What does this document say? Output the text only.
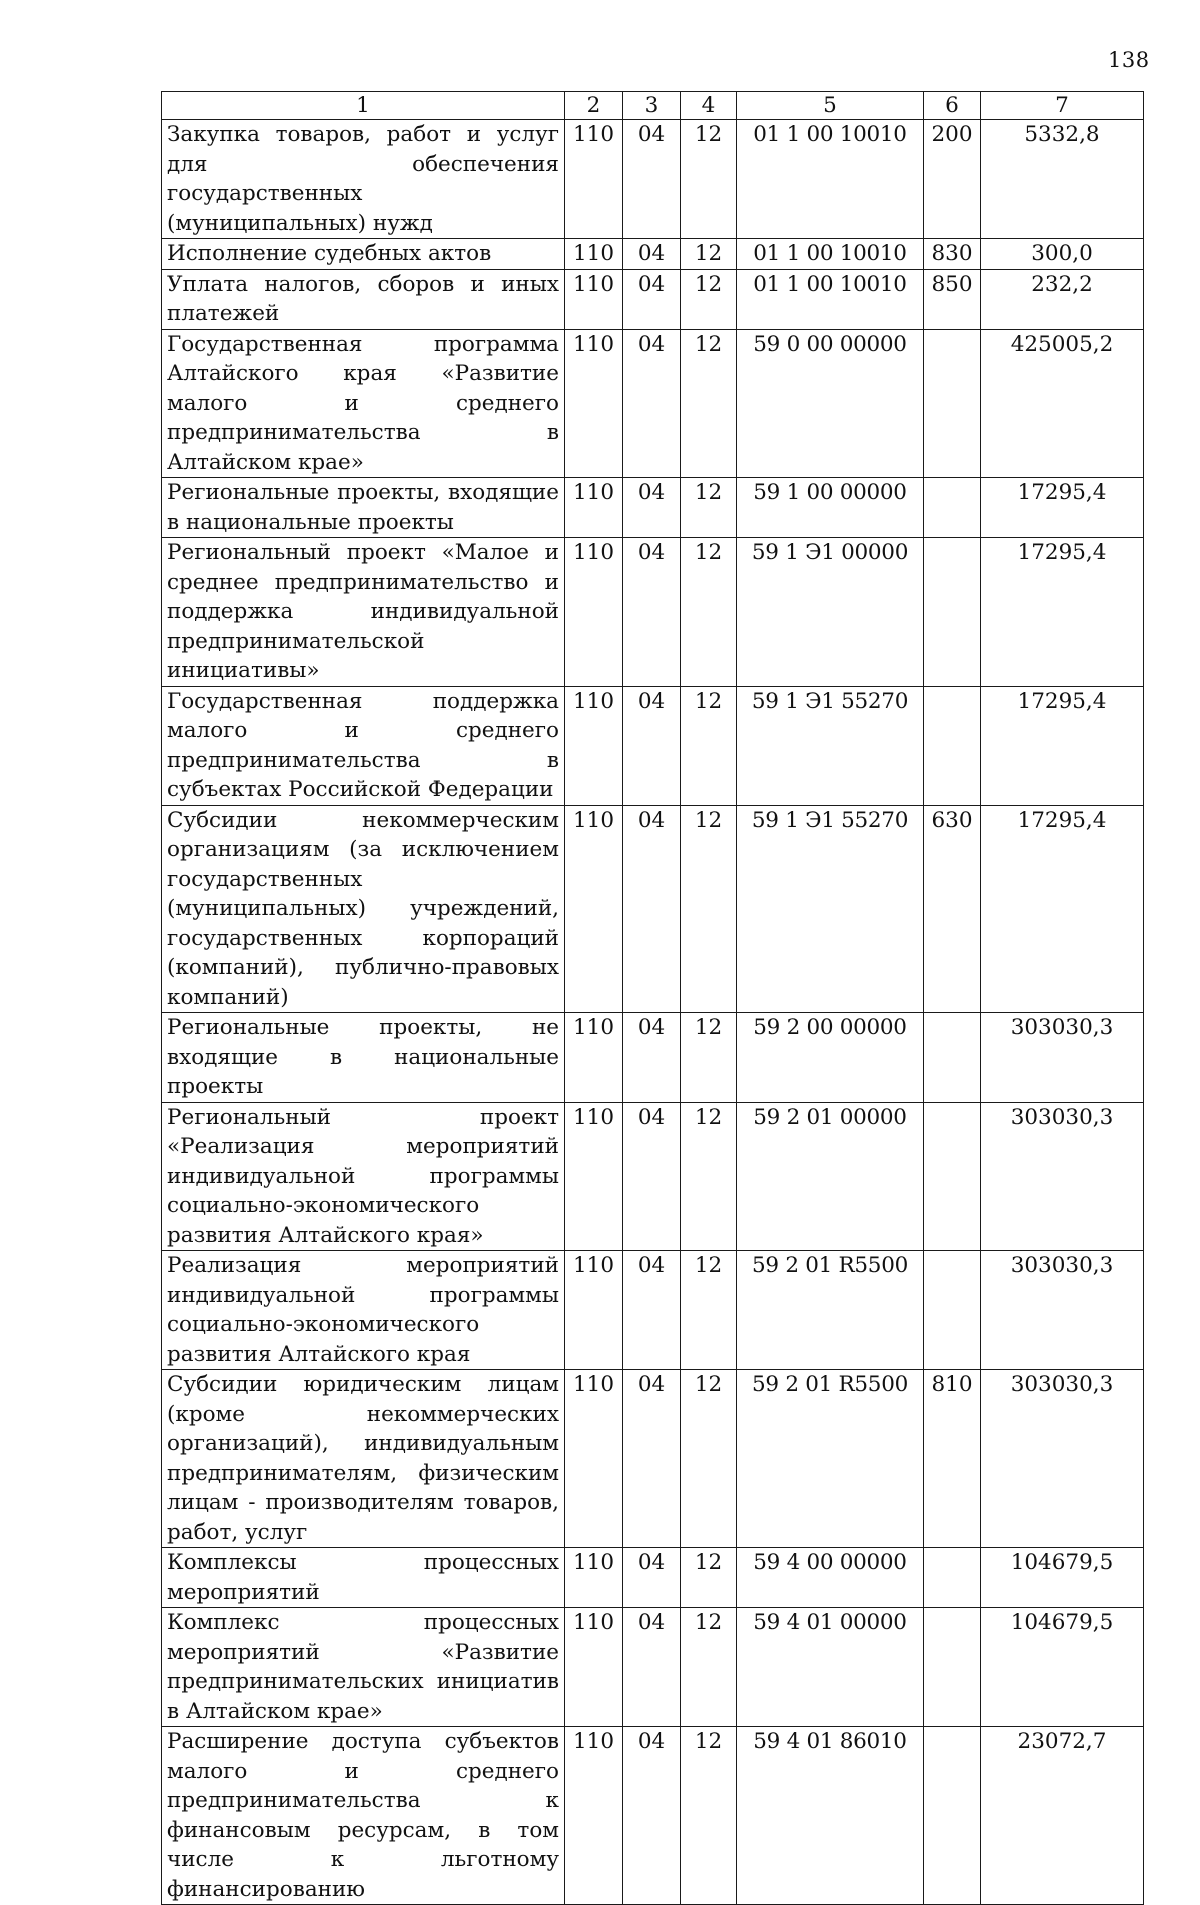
138
1	2	3	4	5	6	7
Закупка товаров, работ и услуг для обеспечения государственных (муниципальных) нужд	110	04	12	01 1 00 10010	200	5332,8
Исполнение судебных актов	110	04	12	01 1 00 10010	830	300,0
Уплата налогов, сборов и иных платежей	110	04	12	01 1 00 10010	850	232,2
Государственная программа Алтайского края «Развитие малого и среднего предпринимательства в Алтайском крае»	110	04	12	59 0 00 00000		425005,2
Региональные проекты, входящие в национальные проекты	110	04	12	59 1 00 00000		17295,4
Региональный проект «Малое и среднее предпринимательство и поддержка индивидуальной предпринимательской инициативы»	110	04	12	59 1 Э1 00000		17295,4
Государственная поддержка малого и среднего предпринимательства в субъектах Российской Федерации	110	04	12	59 1 Э1 55270		17295,4
Субсидии некоммерческим организациям (за исключением государственных (муниципальных) учреждений, государственных корпораций (компаний), публично-правовых компаний)	110	04	12	59 1 Э1 55270	630	17295,4
Региональные проекты, не входящие в национальные проекты	110	04	12	59 2 00 00000		303030,3
Региональный проект «Реализация мероприятий индивидуальной программы социально-экономического развития Алтайского края»	110	04	12	59 2 01 00000		303030,3
Реализация мероприятий индивидуальной программы социально-экономического развития Алтайского края	110	04	12	59 2 01 R5500		303030,3
Субсидии юридическим лицам (кроме некоммерческих организаций), индивидуальным предпринимателям, физическим лицам - производителям товаров, работ, услуг	110	04	12	59 2 01 R5500	810	303030,3
Комплексы процессных мероприятий	110	04	12	59 4 00 00000		104679,5
Комплекс процессных мероприятий «Развитие предпринимательских инициатив в Алтайском крае»	110	04	12	59 4 01 00000		104679,5
Расширение доступа субъектов малого и среднего предпринимательства к финансовым ресурсам, в том числе к льготному финансированию	110	04	12	59 4 01 86010		23072,7
